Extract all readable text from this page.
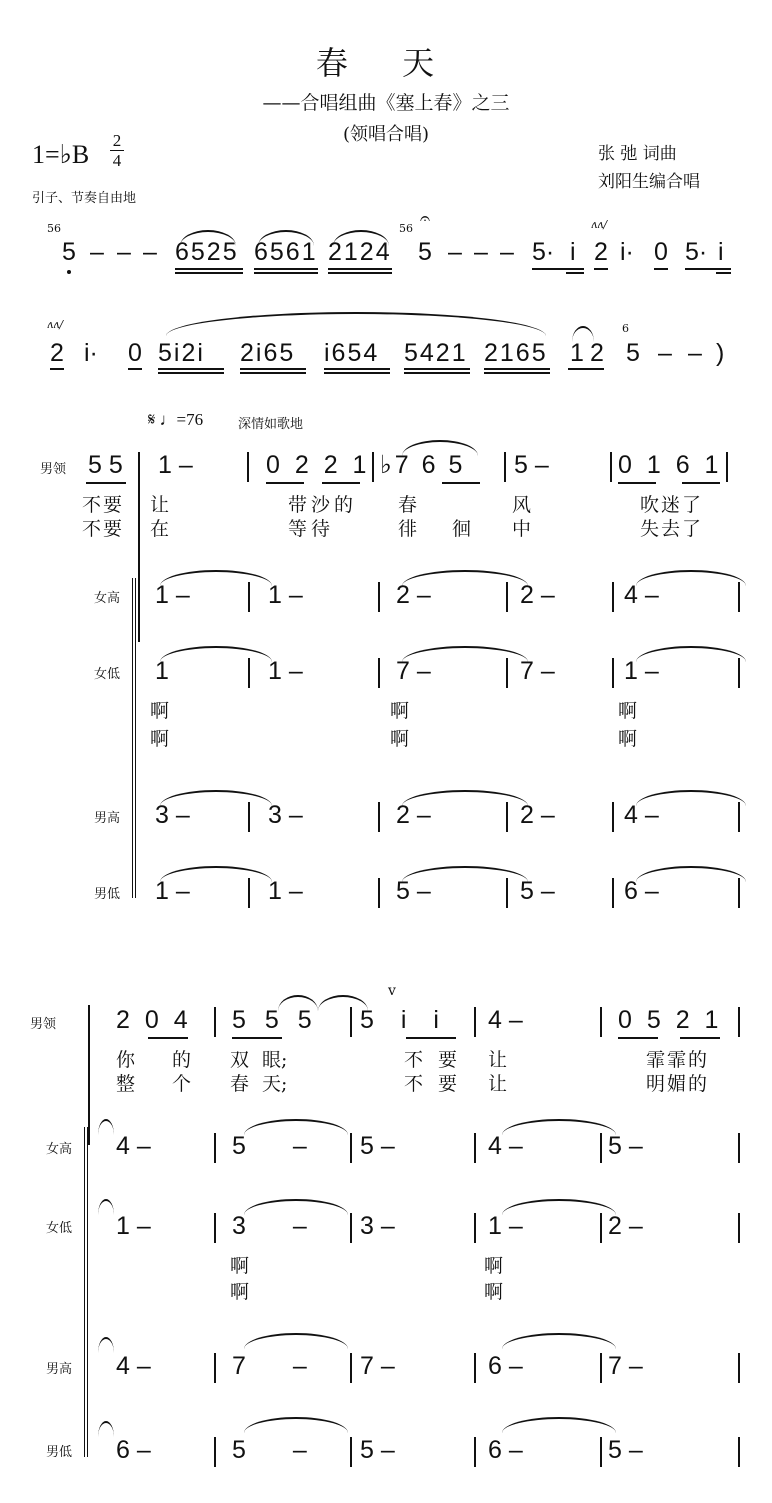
春 天
——合唱组曲《塞上春》之三
(领唱合唱)
1=♭B 2
4	张 弛 词曲
刘阳生编合唱
引子、节奏自由地
56
5 – – – 6525 6561 2124
56 𝄐
5 – – – 5· i
ʌʌ/
2 i· 0 5· i
ʌʌ/
2 i· 0 5i2i 2i65 i654 5421 2165 1 2
6
5 – – )
𝄋 ♩=76	深情如歌地
男领 5 5 1 –	0 2 2 1 ♭7 6 5 5 –	0 1 6 1
不要 让	带沙的 春	风	吹迷了
不要 在	等待	徘 徊 中	失去了
女高 1 –	1 –	2 –	2 –	4 –
女低 1	1 –	7 –	7 –	1 –
啊	啊	啊
啊	啊	啊
男高 3 –	3 –	2 –	2 –	4 –
男低 1 –	1 –	5 –	5 –	6 –
v
男领 2 0 4 5 5 5 5 i i 4 –	0 5 2 1
你 的 双 眼;	不 要 让	霏霏的
整 个 春 天;	不 要 让	明媚的
女高 4 –	5 – 5 –	4 –	5 –
女低 1 –	3 – 3 –	1 –	2 –
啊	啊
啊	啊
男高 4 –	7 – 7 –	6 –	7 –
男低 6 –	5 – 5 –	6 –	5 –
